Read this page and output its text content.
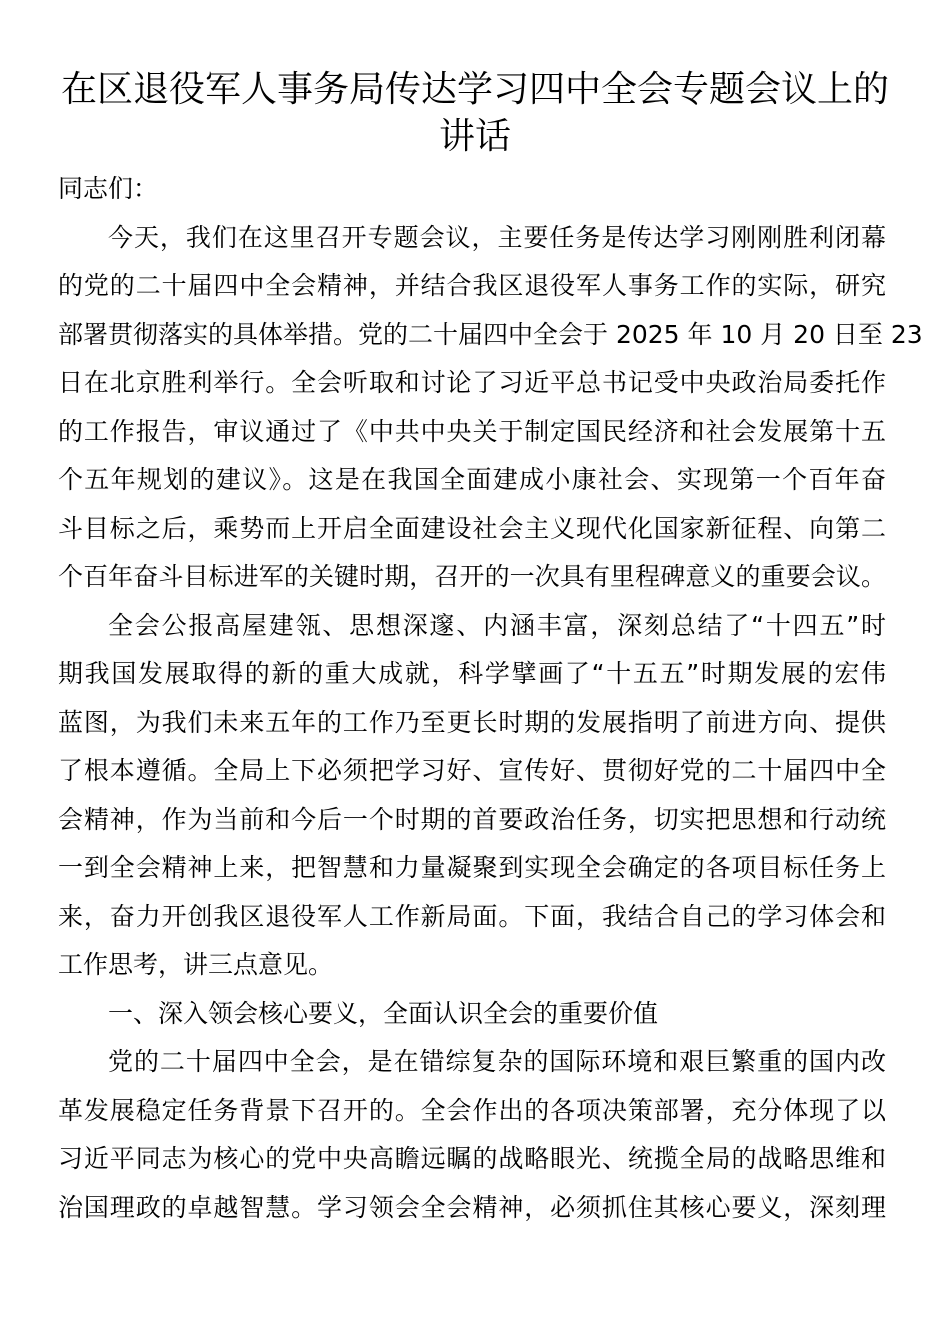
在区退役军人事务局传达学习四中全会专题会议上的
讲话
同志们：
今天，我们在这里召开专题会议，主要任务是传达学习刚刚胜利闭幕
的党的二十届四中全会精神，并结合我区退役军人事务工作的实际，研究
部署贯彻落实的具体举措。党的二十届四中全会于 2025 年 10 月 20 日至 23
日在北京胜利举行。全会听取和讨论了习近平总书记受中央政治局委托作
的工作报告，审议通过了《中共中央关于制定国民经济和社会发展第十五
个五年规划的建议》。这是在我国全面建成小康社会、实现第一个百年奋
斗目标之后，乘势而上开启全面建设社会主义现代化国家新征程、向第二
个百年奋斗目标进军的关键时期，召开的一次具有里程碑意义的重要会议。
全会公报高屋建瓴、思想深邃、内涵丰富，深刻总结了“十四五”时
期我国发展取得的新的重大成就，科学擘画了“十五五”时期发展的宏伟
蓝图，为我们未来五年的工作乃至更长时期的发展指明了前进方向、提供
了根本遵循。全局上下必须把学习好、宣传好、贯彻好党的二十届四中全
会精神，作为当前和今后一个时期的首要政治任务，切实把思想和行动统
一到全会精神上来，把智慧和力量凝聚到实现全会确定的各项目标任务上
来，奋力开创我区退役军人工作新局面。下面，我结合自己的学习体会和
工作思考，讲三点意见。
一、深入领会核心要义，全面认识全会的重要价值
党的二十届四中全会，是在错综复杂的国际环境和艰巨繁重的国内改
革发展稳定任务背景下召开的。全会作出的各项决策部署，充分体现了以
习近平同志为核心的党中央高瞻远瞩的战略眼光、统揽全局的战略思维和
治国理政的卓越智慧。学习领会全会精神，必须抓住其核心要义，深刻理
